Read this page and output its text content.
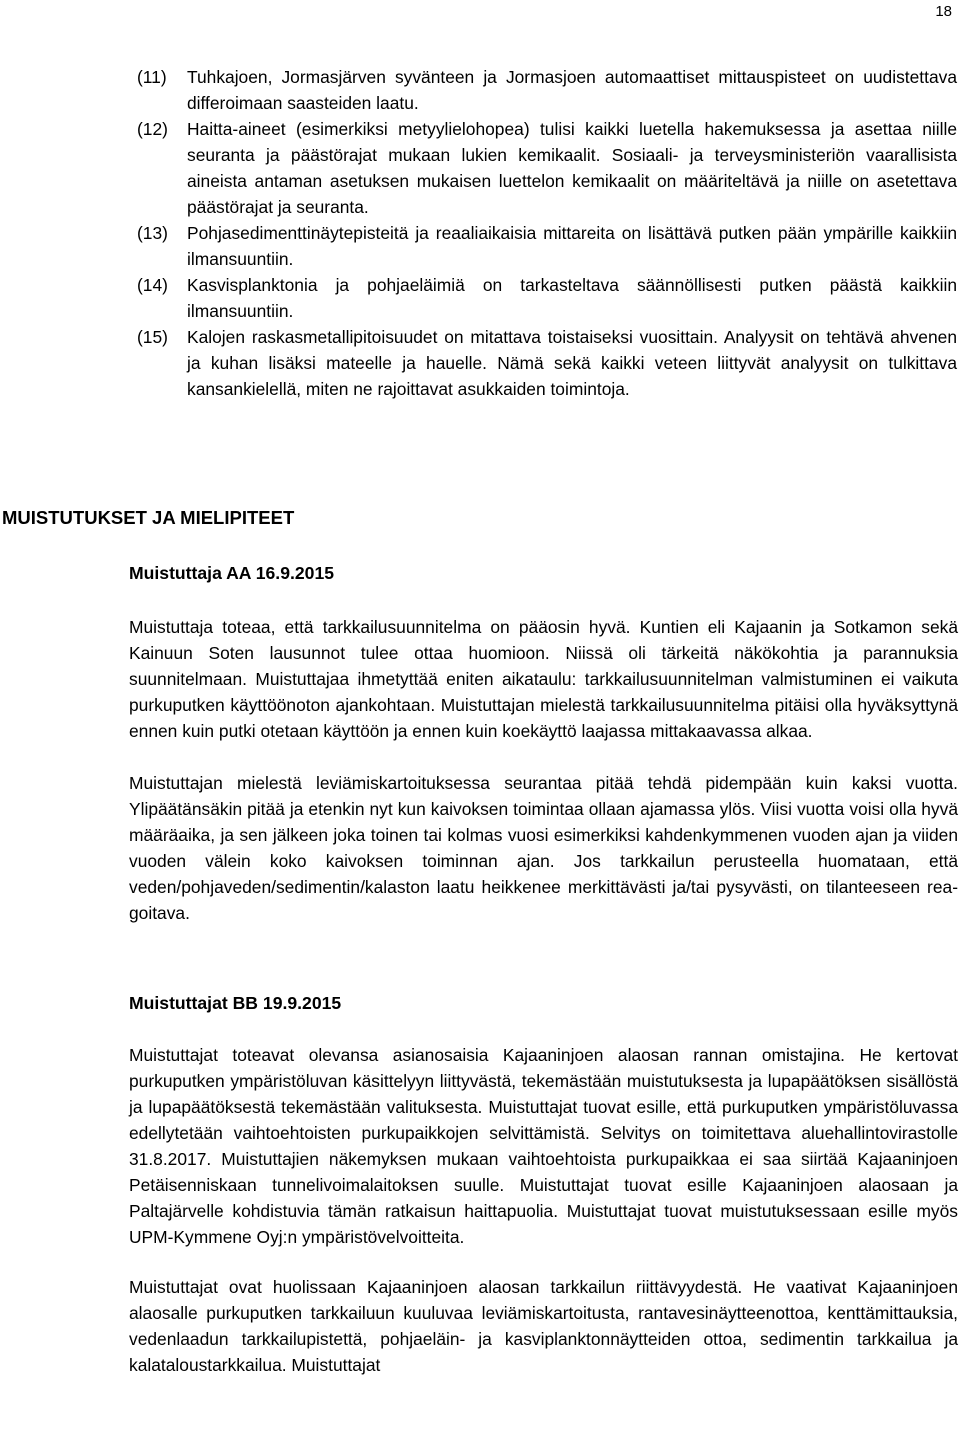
18
(11)	Tuhkajoen, Jormasjärven syvänteen ja Jormasjoen automaattiset mittauspisteet on uudistettava differoimaan saasteiden laatu.
(12)	Haitta-aineet (esimerkiksi metyylielohopea) tulisi kaikki luetella hakemuksessa ja asettaa niille seuranta ja päästörajat mukaan lukien kemikaalit. Sosiaali- ja terveysministeriön vaarallisista aineista antaman asetuksen mukaisen luettelon kemikaalit on määriteltävä ja niille on asetettava päästörajat ja seuranta.
(13)	Pohjasedimenttinäytepisteitä ja reaaliaikaisia mittareita on lisättävä putken pään ympärille kaikkiin ilmansuuntiin.
(14)	Kasvisplanktonia ja pohjaeläimiä on tarkasteltava säännöllisesti putken päästä kaikkiin ilmansuuntiin.
(15)	Kalojen raskasmetallipitoisuudet on mitattava toistaiseksi vuosittain. Analyysit on tehtävä ahvenen ja kuhan lisäksi mateelle ja hauelle. Nämä sekä kaikki veteen liittyvät analyysit on tulkittava kansankielellä, miten ne rajoittavat asukkaiden toimintoja.
MUISTUTUKSET JA MIELIPITEET

Muistuttaja AA 16.9.2015

Muistuttaja toteaa, että tarkkailusuunnitelma on pääosin hyvä. Kuntien eli Kajaanin ja Sotkamon sekä Kainuun Soten lausunnot tulee ottaa huomioon. Niissä oli tärkeitä näkökohtia ja parannuksia suunnitelmaan. Muistuttajaa ihmetyttää eniten aikataulu: tarkkailusuunnitelman valmistuminen ei vaikuta purkuputken käyttöönoton ajankohtaan. Muistuttajan mielestä tarkkailusuunnitelma pitäisi olla hyväksyttynä ennen kuin putki otetaan käyttöön ja ennen kuin koekäyttö laajassa mittakaavassa alkaa.

Muistuttajan mielestä leviämiskartoituksessa seurantaa pitää tehdä pidempään kuin kaksi vuotta. Ylipäätänsäkin pitää ja etenkin nyt kun kaivoksen toimintaa ollaan ajamassa ylös. Viisi vuotta voisi olla hyvä määräaika, ja sen jälkeen joka toinen tai kolmas vuosi esimerkiksi kahdenkymmenen vuoden ajan ja viiden vuoden välein koko kaivoksen toiminnan ajan. Jos tarkkailun perusteella huomataan, että veden/pohjaveden/sedimentin/kalaston laatu heikkenee merkittävästi ja/tai pysyvästi, on tilanteeseen reagoitava.

Muistuttajat BB 19.9.2015

Muistuttajat toteavat olevansa asianosaisia Kajaaninjoen alaosan rannan omistajina. He kertovat purkuputken ympäristöluvan käsittelyyn liittyvästä, tekemästään muistutuksesta ja lupapäätöksen sisällöstä ja lupapäätöksestä tekemästään valituksesta. Muistuttajat tuovat esille, että purkuputken ympäristöluvassa edellytetään vaihtoehtoisten purkupaikkojen selvittämistä. Selvitys on toimitettava aluehallintovirastolle 31.8.2017. Muistuttajien näkemyksen mukaan vaihtoehtoista purkupaikkaa ei saa siirtää Kajaaninjoen Petäisenniskaan tunnelivoimalaitoksen suulle. Muistuttajat tuovat esille Kajaaninjoen alaosaan ja Paltajärvelle kohdistuvia tämän ratkaisun haittapuolia. Muistuttajat tuovat muistutuksessaan esille myös UPM-Kymmene Oyj:n ympäristövelvoitteita.

Muistuttajat ovat huolissaan Kajaaninjoen alaosan tarkkailun riittävyydestä. He vaativat Kajaaninjoen alaosalle purkuputken tarkkailuun kuuluvaa leviämiskartoitusta, rantavesinäytteenottoa, kenttämittauksia, vedenlaadun tarkkailupistettä, pohjaeläin- ja kasviplanktonnäytteiden ottoa, sedimentin tarkkailua ja kalataloustarkkailua. Muistuttajat
